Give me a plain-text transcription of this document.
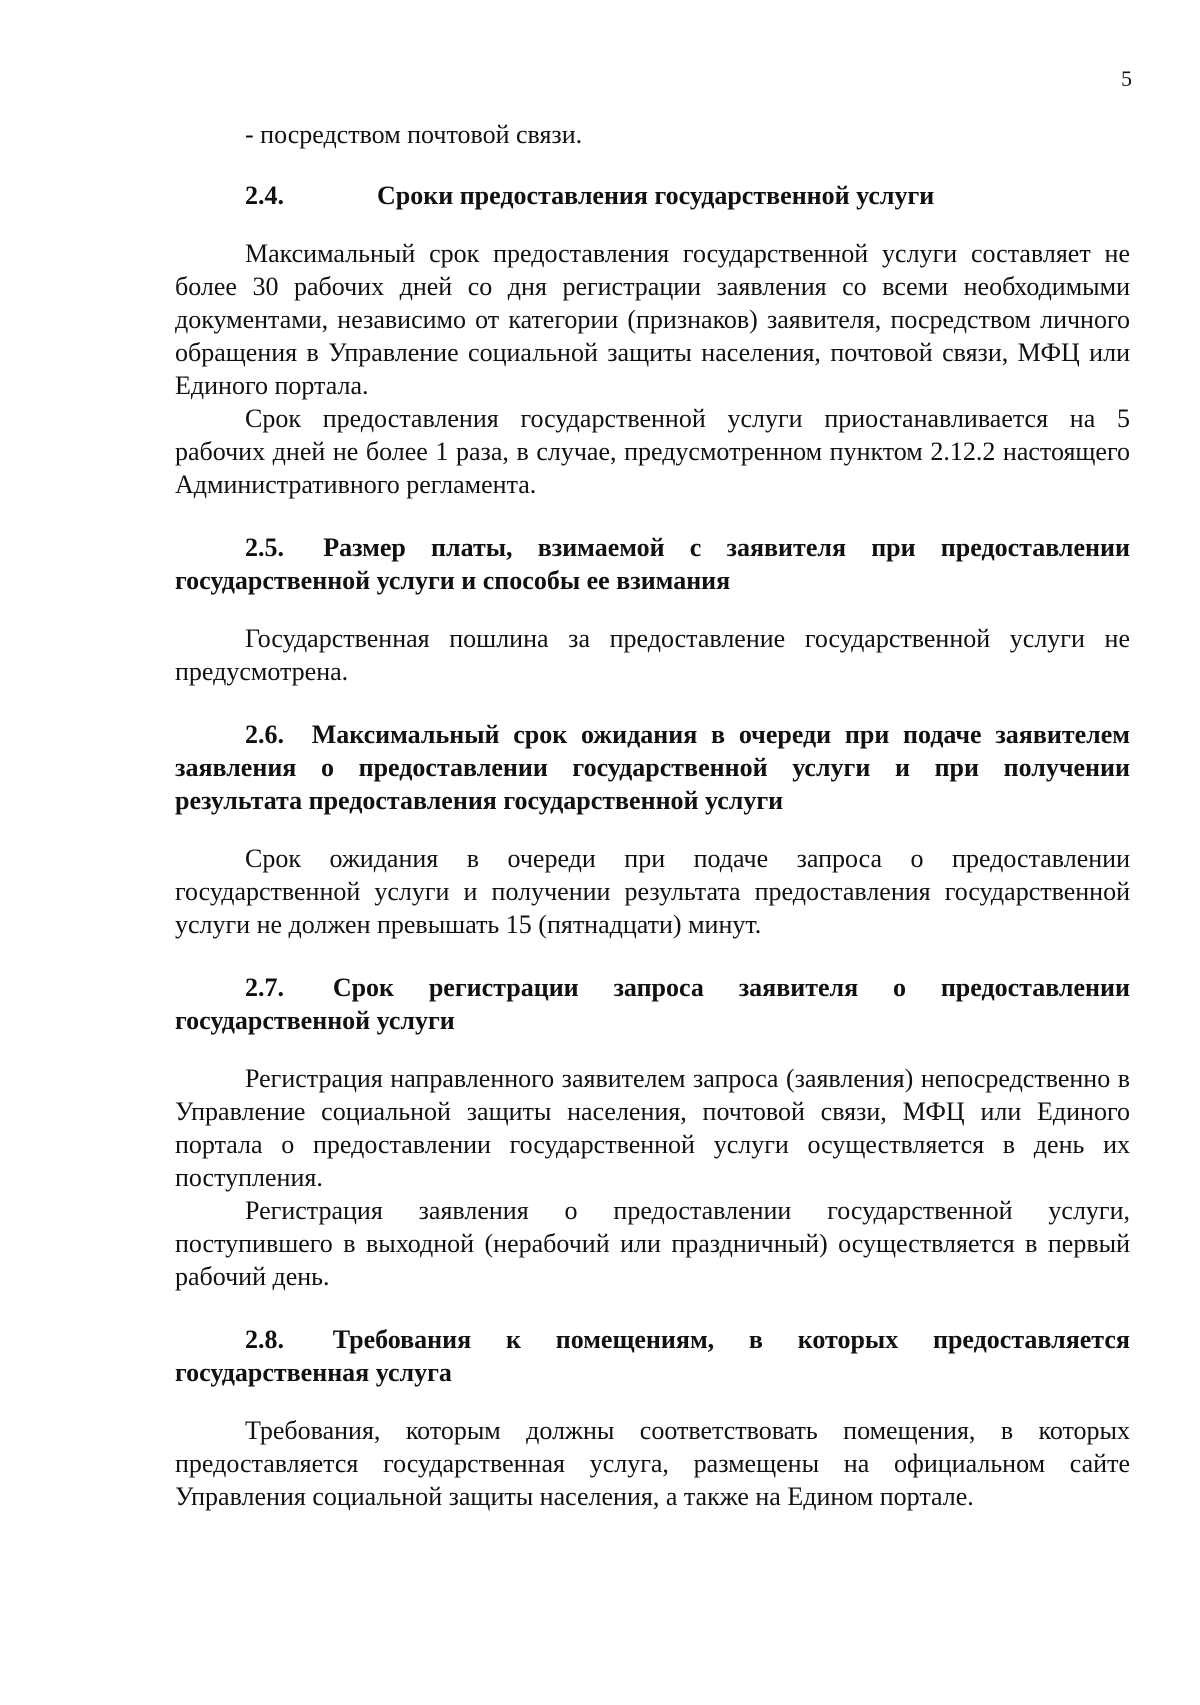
5

- посредством почтовой связи.

2.4.	Сроки предоставления государственной услуги

Максимальный срок предоставления государственной услуги составляет не более 30 рабочих дней со дня регистрации заявления со всеми необходимыми документами, независимо от категории (признаков) заявителя, посредством личного обращения в Управление социальной защиты населения, почтовой связи, МФЦ или Единого портала.

Срок предоставления государственной услуги приостанавливается на 5 рабочих дней не более 1 раза, в случае, предусмотренном пунктом 2.12.2 настоящего Административного регламента.

2.5. Размер платы, взимаемой с заявителя при предоставлении государственной услуги и способы ее взимания

Государственная пошлина за предоставление государственной услуги не предусмотрена.

2.6. Максимальный срок ожидания в очереди при подаче заявителем заявления о предоставлении государственной услуги и при получении результата предоставления государственной услуги

Срок ожидания в очереди при подаче запроса о предоставлении государственной услуги и получении результата предоставления государственной услуги не должен превышать 15 (пятнадцати) минут.

2.7. Срок регистрации запроса заявителя о предоставлении государственной услуги

Регистрация направленного заявителем запроса (заявления) непосредственно в Управление социальной защиты населения, почтовой связи, МФЦ или Единого портала о предоставлении государственной услуги осуществляется в день их поступления.

Регистрация заявления о предоставлении государственной услуги, поступившего в выходной (нерабочий или праздничный) осуществляется в первый рабочий день.

2.8. Требования к помещениям, в которых предоставляется государственная услуга

Требования, которым должны соответствовать помещения, в которых предоставляется государственная услуга, размещены на официальном сайте Управления социальной защиты населения, а также на Едином портале.
